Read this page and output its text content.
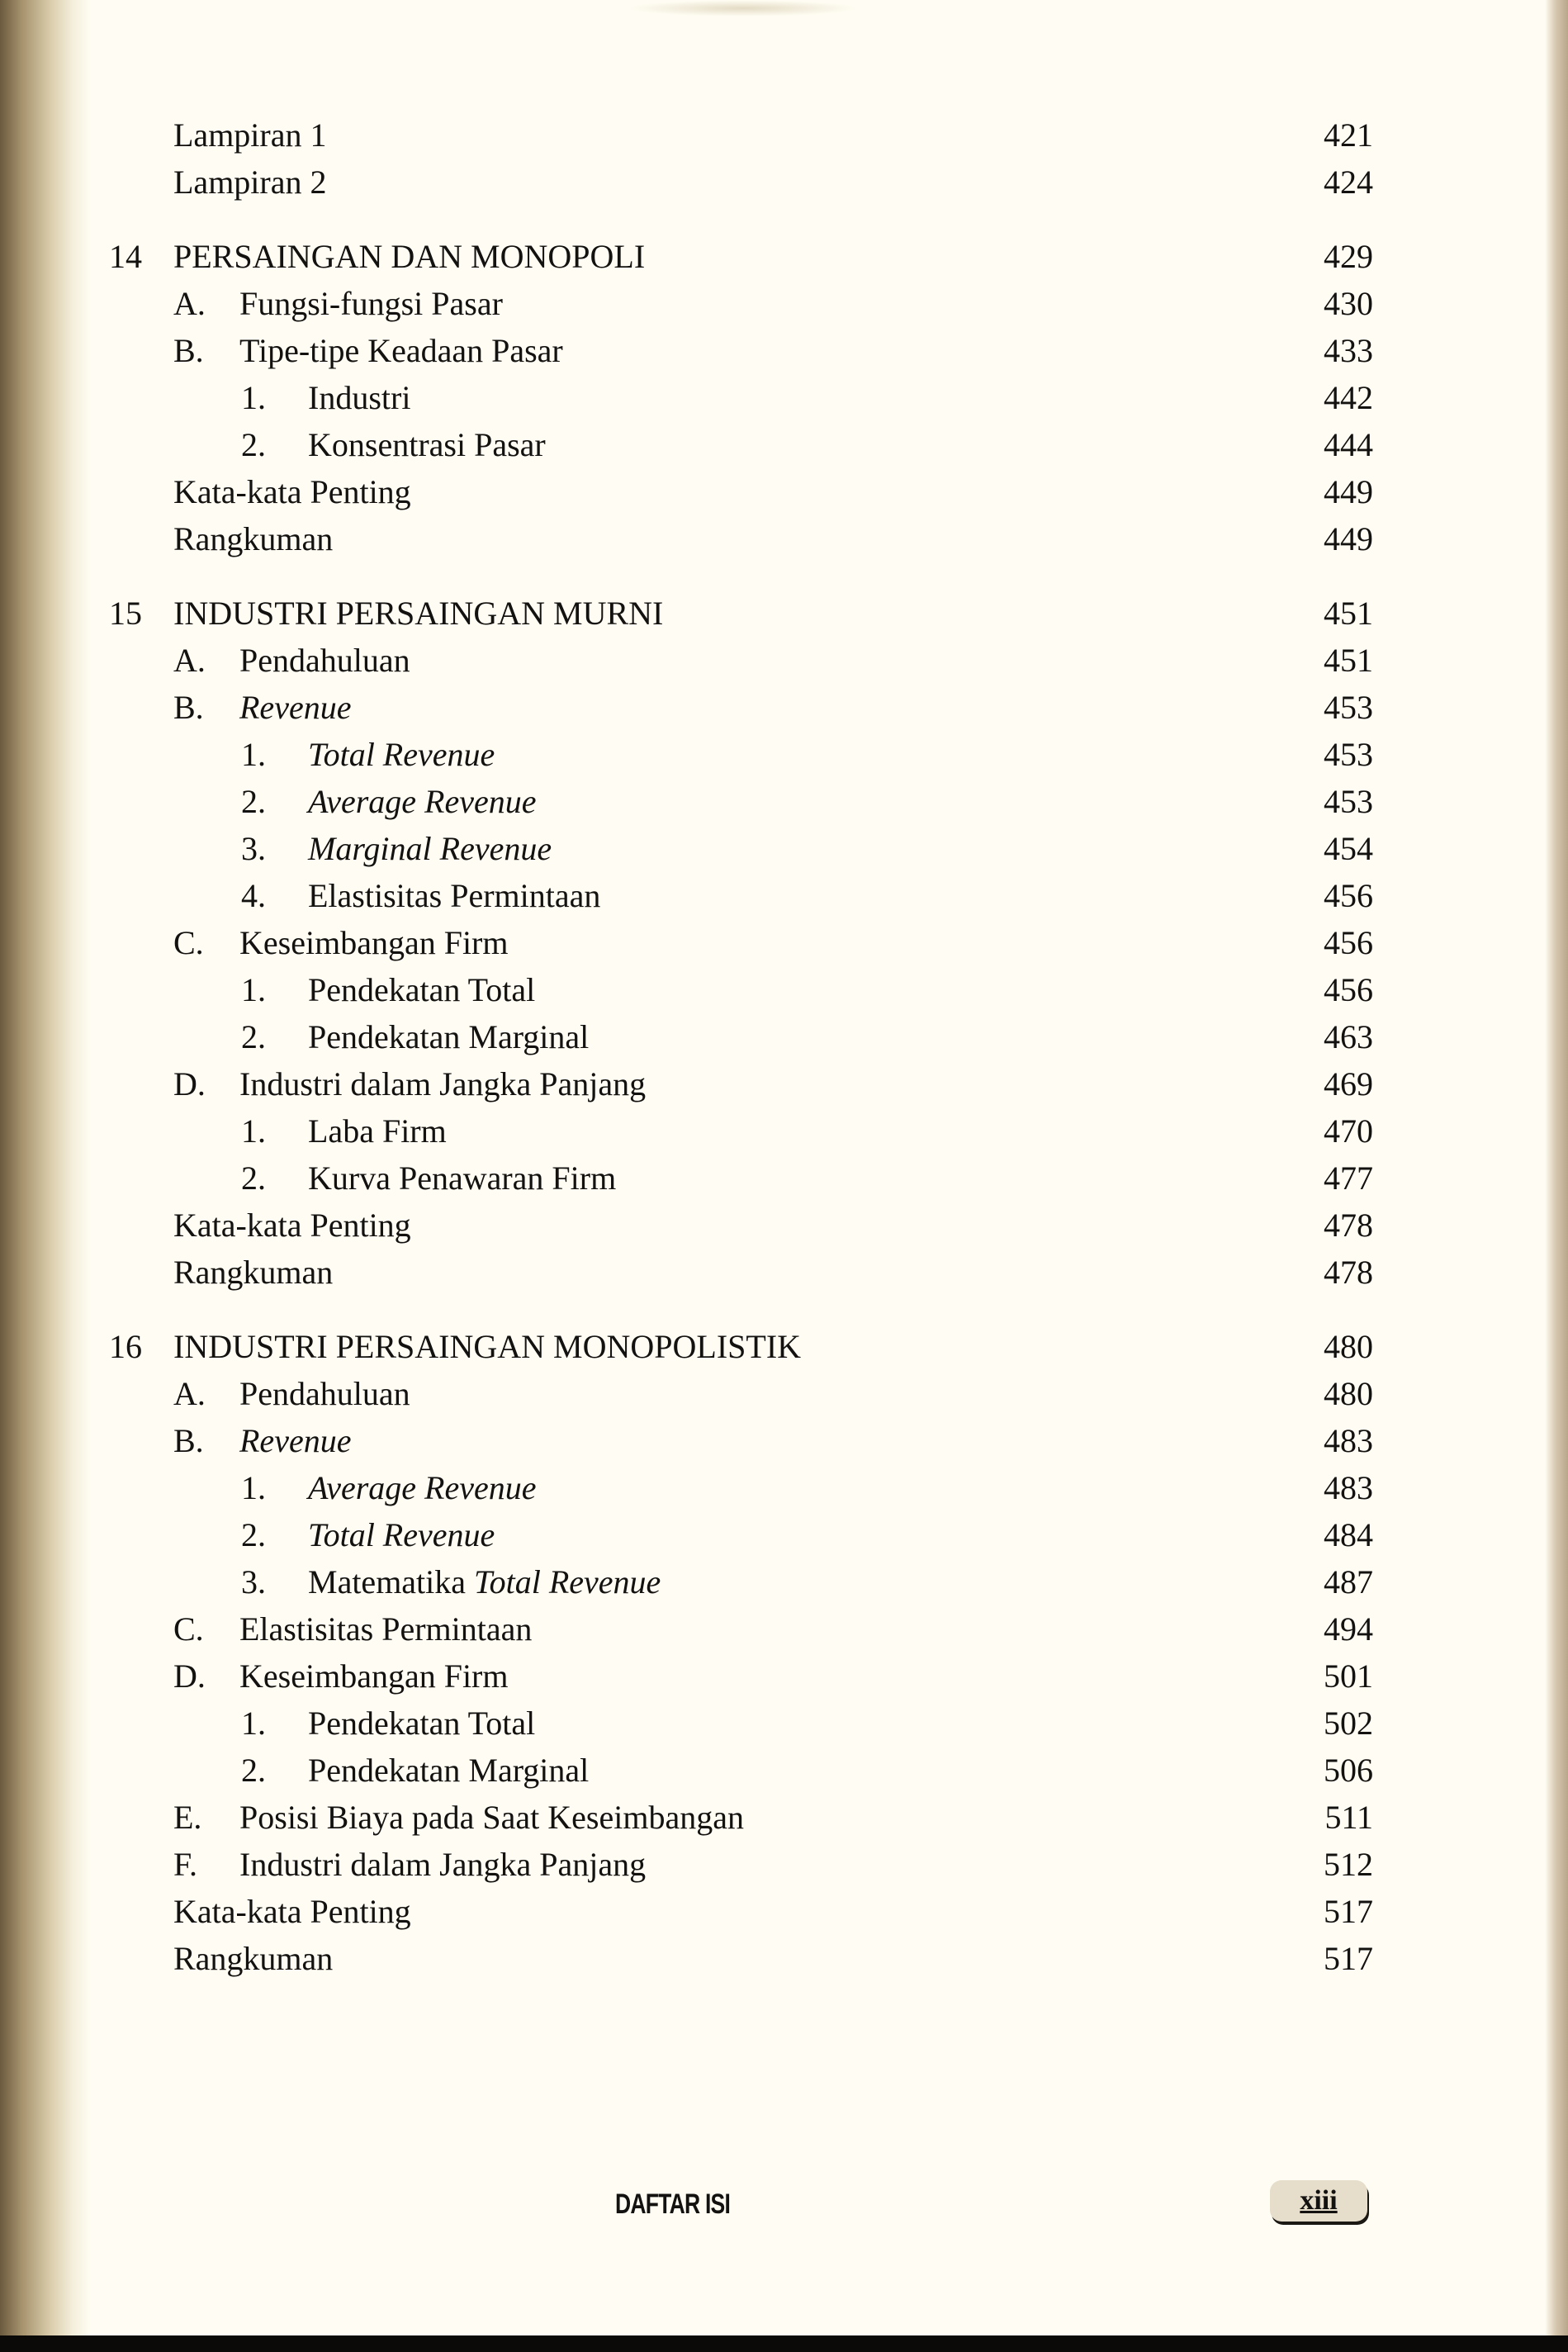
Lampiran 1	421
Lampiran 2	424
14 PERSAINGAN DAN MONOPOLI	429
A. Fungsi-fungsi Pasar	430
B. Tipe-tipe Keadaan Pasar	433
1. Industri	442
2. Konsentrasi Pasar	444
Kata-kata Penting	449
Rangkuman	449
15 INDUSTRI PERSAINGAN MURNI	451
A. Pendahuluan	451
B. Revenue	453
1. Total Revenue	453
2. Average Revenue	453
3. Marginal Revenue	454
4. Elastisitas Permintaan	456
C. Keseimbangan Firm	456
1. Pendekatan Total	456
2. Pendekatan Marginal	463
D. Industri dalam Jangka Panjang	469
1. Laba Firm	470
2. Kurva Penawaran Firm	477
Kata-kata Penting	478
Rangkuman	478
16 INDUSTRI PERSAINGAN MONOPOLISTIK	480
A. Pendahuluan	480
B. Revenue	483
1. Average Revenue	483
2. Total Revenue	484
3. Matematika Total Revenue	487
C. Elastisitas Permintaan	494
D. Keseimbangan Firm	501
1. Pendekatan Total	502
2. Pendekatan Marginal	506
E. Posisi Biaya pada Saat Keseimbangan	511
F. Industri dalam Jangka Panjang	512
Kata-kata Penting	517
Rangkuman	517
DAFTAR ISI	xiii
